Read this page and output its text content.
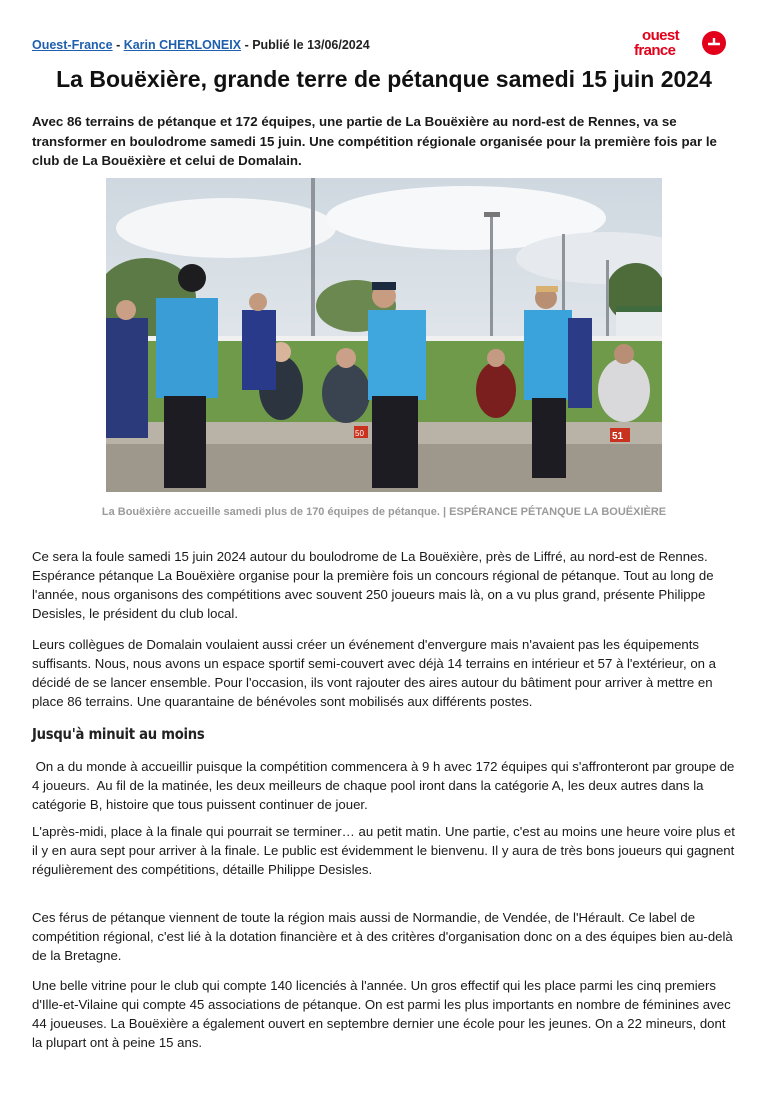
Ouest-France - Karin CHERLONEIX - Publié le 13/06/2024
ouest
france
La Bouëxière, grande terre de pétanque samedi 15 juin 2024

Avec 86 terrains de pétanque et 172 équipes, une partie de La Bouëxière au nord-est de Rennes, va se transformer en boulodrome samedi 15 juin. Une compétition régionale organisée pour la première fois par le club de La Bouëxière et celui de Domalain.

50	51
La Bouëxière accueille samedi plus de 170 équipes de pétanque. | ESPÉRANCE PÉTANQUE LA BOUËXIÈRE

Ce sera la foule samedi 15 juin 2024 autour du boulodrome de La Bouëxière, près de Liffré, au nord-est de Rennes. Espérance pétanque La Bouëxière organise pour la première fois un concours régional de pétanque. Tout au long de l'année, nous organisons des compétitions avec souvent 250 joueurs mais là, on a vu plus grand, présente Philippe Desisles, le président du club local.

Leurs collègues de Domalain voulaient aussi créer un événement d'envergure mais n'avaient pas les équipements suffisants. Nous, nous avons un espace sportif semi-couvert avec déjà 14 terrains en intérieur et 57 à l'extérieur, on a décidé de se lancer ensemble. Pour l'occasion, ils vont rajouter des aires autour du bâtiment pour arriver à mettre en place 86 terrains. Une quarantaine de bénévoles sont mobilisés aux différents postes.

Jusqu'à minuit au moins

On a du monde à accueillir puisque la compétition commencera à 9 h avec 172 équipes qui s'affronteront par groupe de 4 joueurs.  Au fil de la matinée, les deux meilleurs de chaque pool iront dans la catégorie A, les deux autres dans la catégorie B, histoire que tous puissent continuer de jouer.

L'après-midi, place à la finale qui pourrait se terminer… au petit matin. Une partie, c'est au moins une heure voire plus et il y en aura sept pour arriver à la finale. Le public est évidemment le bienvenu. Il y aura de très bons joueurs qui gagnent régulièrement des compétitions, détaille Philippe Desisles.

Ces férus de pétanque viennent de toute la région mais aussi de Normandie, de Vendée, de l'Hérault. Ce label de compétition régional, c'est lié à la dotation financière et à des critères d'organisation donc on a des équipes bien au-delà de la Bretagne.

Une belle vitrine pour le club qui compte 140 licenciés à l'année. Un gros effectif qui les place parmi les cinq premiers d'Ille-et-Vilaine qui compte 45 associations de pétanque. On est parmi les plus importants en nombre de féminines avec 44 joueuses. La Bouëxière a également ouvert en septembre dernier une école pour les jeunes. On a 22 mineurs, dont la plupart ont à peine 15 ans.
